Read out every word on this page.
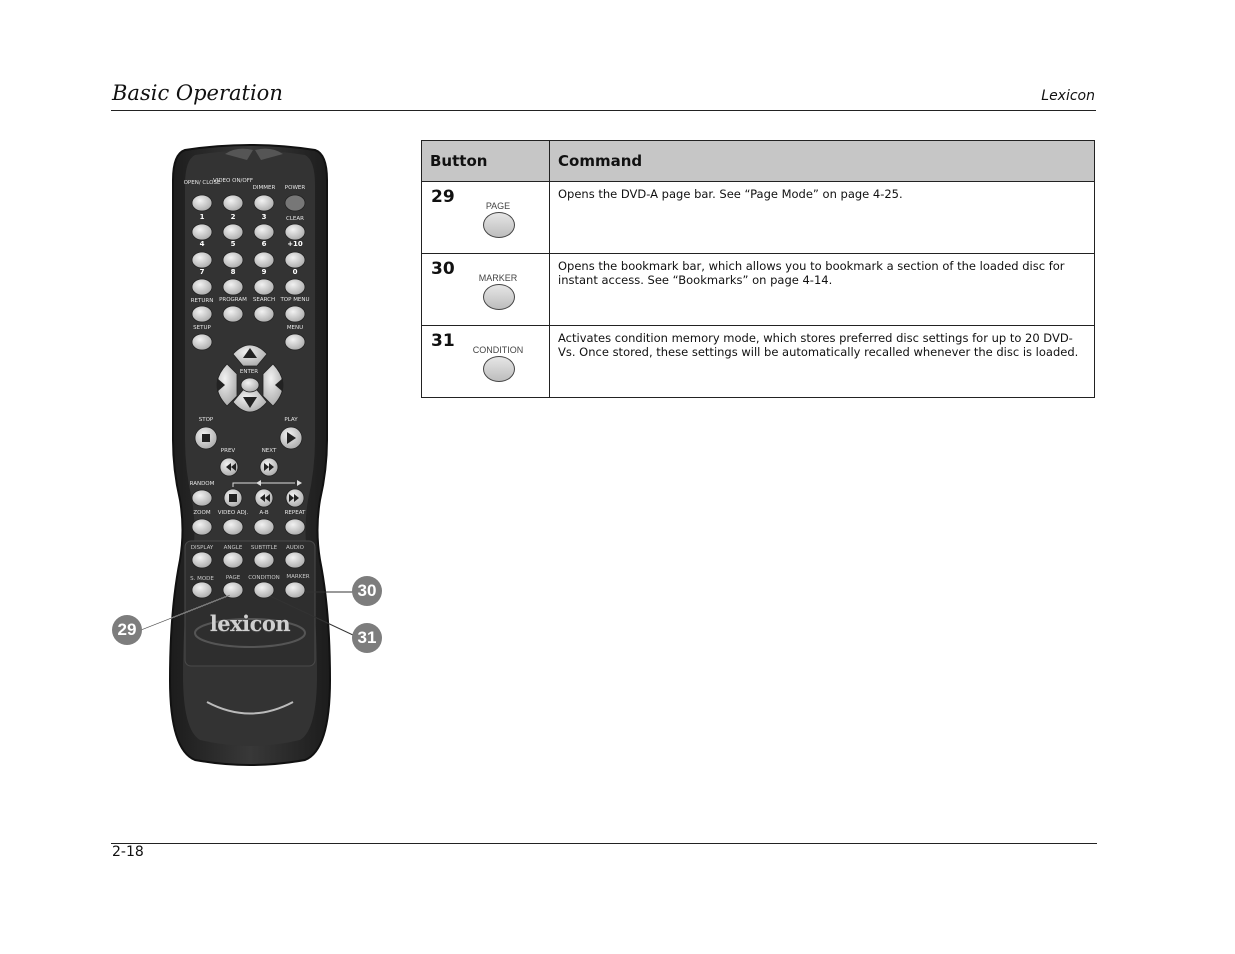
Basic Operation	Lexicon
OPEN/ CLOSE
VIDEO ON/OFF
DIMMER POWER
1	2	3	CLEAR
4	5	6	+10
7	8	9	0
RETURN PROGRAM SEARCH TOP MENU
SETUP	MENU
ENTER
STOP	PLAY
PREV	NEXT
RANDOM
ZOOM VIDEO ADJ. A-B	REPEAT
DISPLAY ANGLE SUBTITLE AUDIO
S. MODE PAGE CONDITION MARKER
lexicon
29
30
31
Button	Command

29 PAGE	Opens the DVD-A page bar. See “Page Mode” on page 4-25.

30 MARKER	Opens the bookmark bar, which allows you to bookmark a section of the loaded disc for instant access. See “Bookmarks” on page 4-14.

31 CONDITION	Activates condition memory mode, which stores preferred disc settings for up to 20 DVD-Vs. Once stored, these settings will be automatically recalled whenever the disc is loaded.
2-18
